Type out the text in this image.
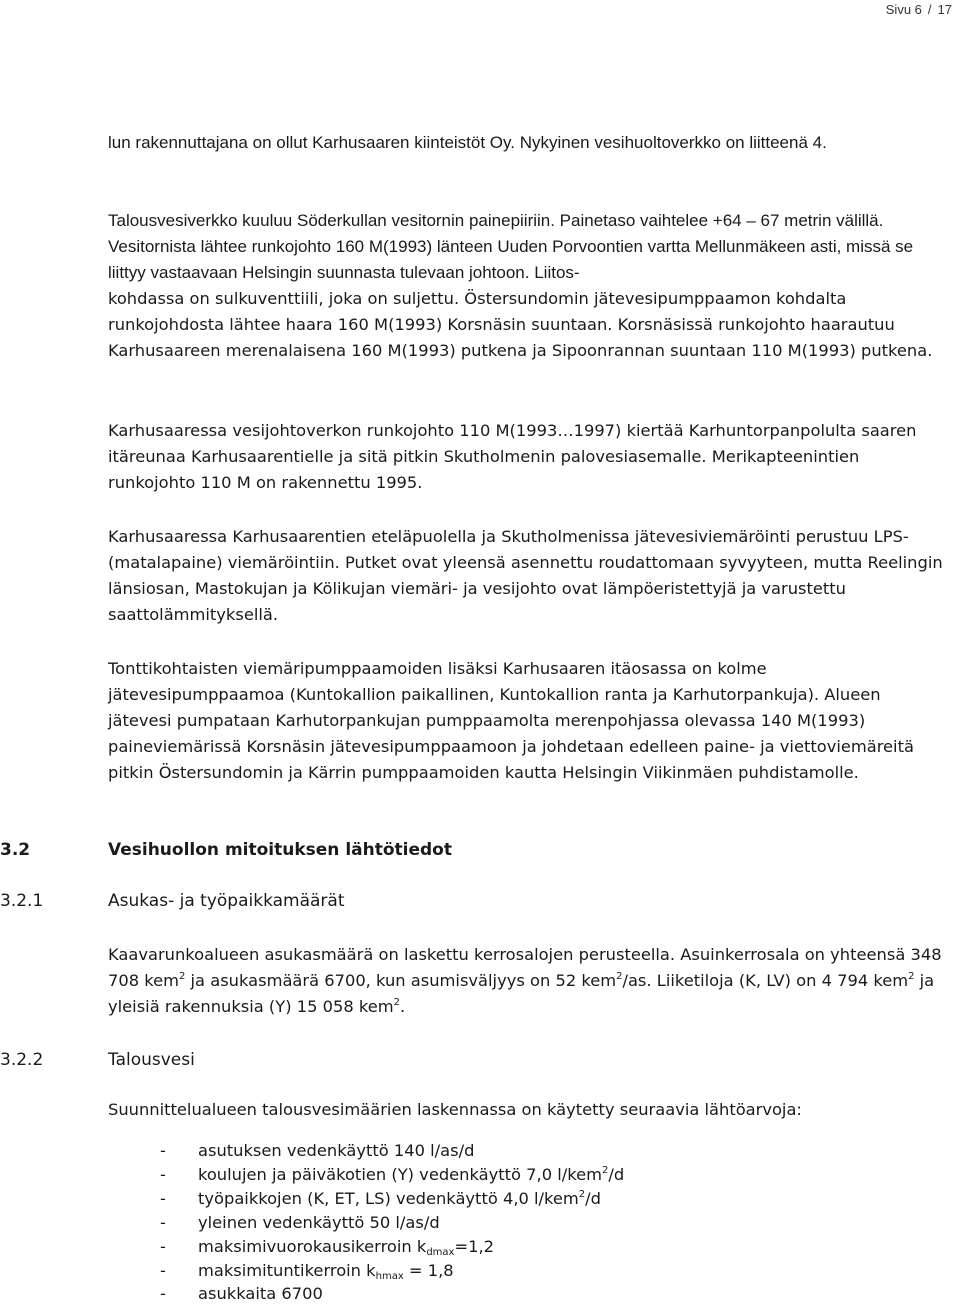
Sivu 6 / 17

lun rakennuttajana on ollut Karhusaaren kiinteistöt Oy. Nykyinen vesihuoltoverkko on liitteenä 4.

Talousvesiverkko kuuluu Söderkullan vesitornin painepiiriin. Painetaso vaihtelee +64 – 67 metrin välillä. Vesitornista lähtee runkojohto 160 M(1993) länteen Uuden Porvoontien vartta Mellunmäkeen asti, missä se liittyy vastaavaan Helsingin suunnasta tulevaan johtoon. Liitos-

kohdassa on sulkuventtiili, joka on suljettu. Östersundomin jätevesipumppaamon kohdalta runkojohdosta lähtee haara 160 M(1993) Korsnäsin suuntaan. Korsnäsissä runkojohto haarautuu Karhusaareen merenalaisena 160 M(1993) putkena ja Sipoonrannan suuntaan 110 M(1993) putkena.

Karhusaaressa vesijohtoverkon runkojohto 110 M(1993…1997) kiertää Karhuntorpanpolulta saaren itäreunaa Karhusaarentielle ja sitä pitkin Skutholmenin palovesiasemalle. Merikapteenintien runkojohto 110 M on rakennettu 1995.

Karhusaaressa Karhusaarentien eteläpuolella ja Skutholmenissa jätevesiviemäröinti perustuu LPS-(matalapaine) viemäröintiin. Putket ovat yleensä asennettu roudattomaan syvyyteen, mutta Reelingin länsiosan, Mastokujan ja Kölikujan viemäri- ja vesijohto ovat lämpöeristettyjä ja varustettu saattolämmityksellä.

Tonttikohtaisten viemäripumppaamoiden lisäksi Karhusaaren itäosassa on kolme jätevesipumppaamoa (Kuntokallion paikallinen, Kuntokallion ranta ja Karhutorpankuja). Alueen jätevesi pumpataan Karhutorpankujan pumppaamolta merenpohjassa olevassa 140 M(1993) paineviemärissä Korsnäsin jätevesipumppaamoon ja johdetaan edelleen paine- ja viettoviemäreitä pitkin Östersundomin ja Kärrin pumppaamoiden kautta Helsingin Viikinmäen puhdistamolle.

3.2	Vesihuollon mitoituksen lähtötiedot
3.2.1	Asukas- ja työpaikkamäärät

Kaavarunkoalueen asukasmäärä on laskettu kerrosalojen perusteella. Asuinkerrosala on yhteensä 348 708 kem$^2$ ja asukasmäärä 6700, kun asumisväljyys on 52 kem$^2$/as. Liiketiloja (K, LV) on 4 794 kem$^2$ ja yleisiä rakennuksia (Y) 15 058 kem$^2$.

3.2.2	Talousvesi

Suunnittelualueen talousvesimäärien laskennassa on käytetty seuraavia lähtöarvoja:

- asutuksen vedenkäyttö 140 l/as/d
- koulujen ja päiväkotien (Y) vedenkäyttö 7,0 l/kem$^2$/d
- työpaikkojen (K, ET, LS) vedenkäyttö 4,0 l/kem$^2$/d
- yleinen vedenkäyttö 50 l/as/d
- maksimivuorokausikerroin $k_{dmax}=1,2$
- maksimituntikerroin $k_{hmax} = 1,8$
- asukkaita 6700
